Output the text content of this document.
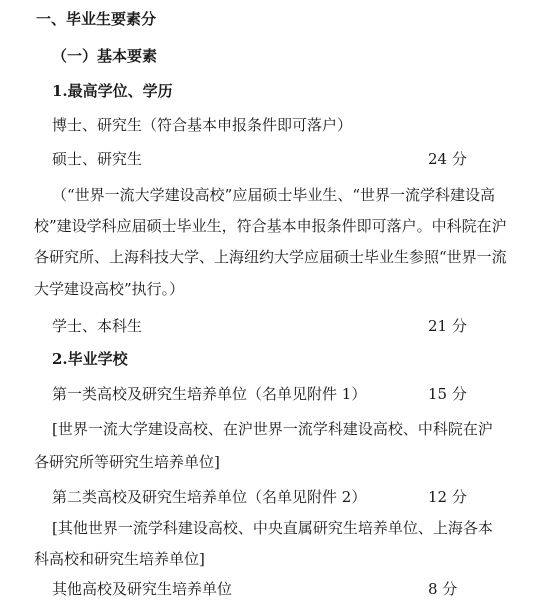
一、毕业生要素分
（一）基本要素
1.最高学位、学历
博士、研究生（符合基本申报条件即可落户）
硕士、研究生	24 分
（“世界一流大学建设高校”应届硕士毕业生、“世界一流学科建设高
校”建设学科应届硕士毕业生，符合基本申报条件即可落户。中科院在沪
各研究所、上海科技大学、上海纽约大学应届硕士毕业生参照“世界一流
大学建设高校”执行。）
学士、本科生	21 分
2.毕业学校
第一类高校及研究生培养单位（名单见附件 1）	15 分
[世界一流大学建设高校、在沪世界一流学科建设高校、中科院在沪
各研究所等研究生培养单位]
第二类高校及研究生培养单位（名单见附件 2）	12 分
[其他世界一流学科建设高校、中央直属研究生培养单位、上海各本
科高校和研究生培养单位]
其他高校及研究生培养单位	8 分
